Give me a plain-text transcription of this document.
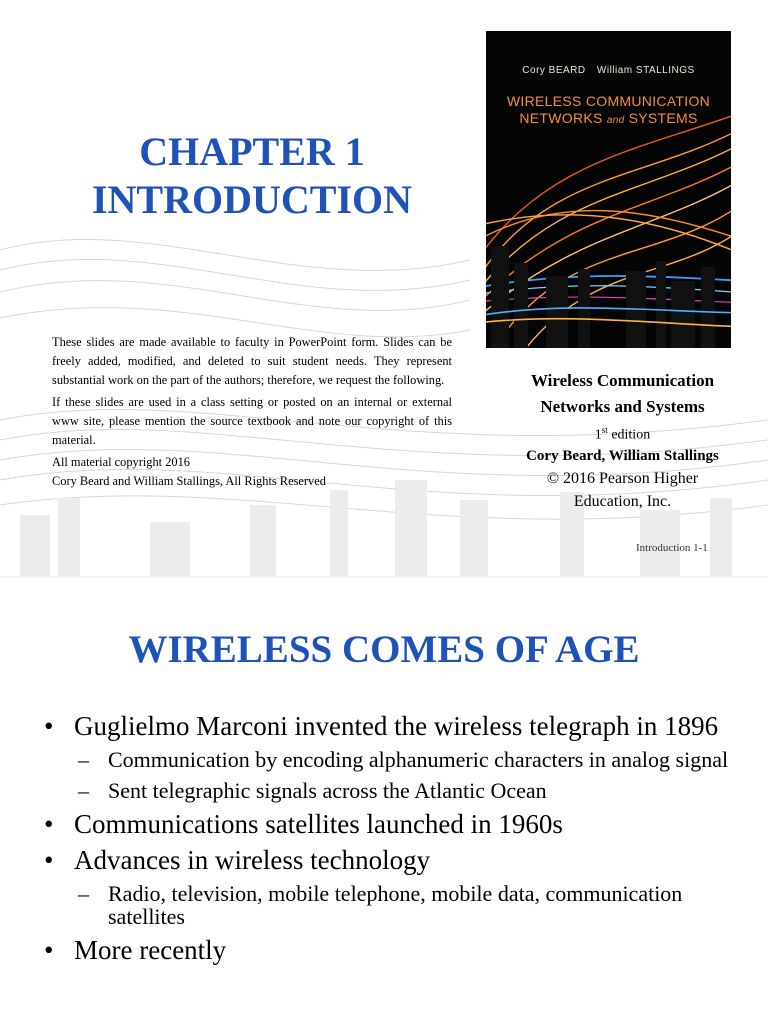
CHAPTER 1
INTRODUCTION
Cory BEARD William STALLINGS
WIRELESS COMMUNICATION
NETWORKS and SYSTEMS

These slides are made available to faculty in PowerPoint form. Slides can be freely added, modified, and deleted to suit student needs. They represent substantial work on the part of the authors; therefore, we request the following.

If these slides are used in a class setting or posted on an internal or external www site, please mention the source textbook and note our copyright of this material.

All material copyright 2016
Cory Beard and William Stallings, All Rights Reserved

Wireless Communication
Networks and Systems
1st edition
Cory Beard, William Stallings
© 2016 Pearson Higher
Education, Inc.
Introduction 1-1
WIRELESS COMES OF AGE
• Guglielmo Marconi invented the wireless telegraph in 1896
– Communication by encoding alphanumeric characters in analog signal
– Sent telegraphic signals across the Atlantic Ocean
• Communications satellites launched in 1960s
• Advances in wireless technology
– Radio, television, mobile telephone, mobile data, communication satellites
• More recently
